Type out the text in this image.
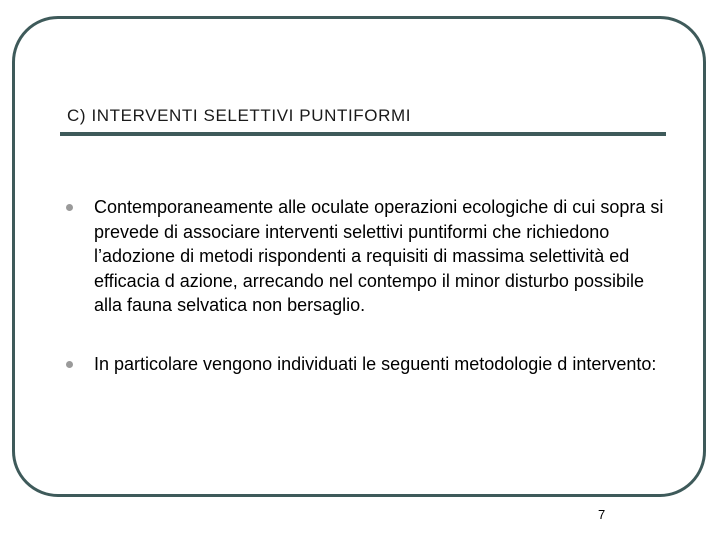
C) INTERVENTI SELETTIVI PUNTIFORMI
Contemporaneamente alle oculate operazioni ecologiche di cui sopra si prevede di associare interventi selettivi puntiformi che richiedono l’adozione di metodi rispondenti a requisiti di massima selettività ed efficacia d azione, arrecando nel contempo il minor disturbo possibile alla fauna selvatica non bersaglio.
In particolare vengono individuati le seguenti metodologie d intervento:
7
